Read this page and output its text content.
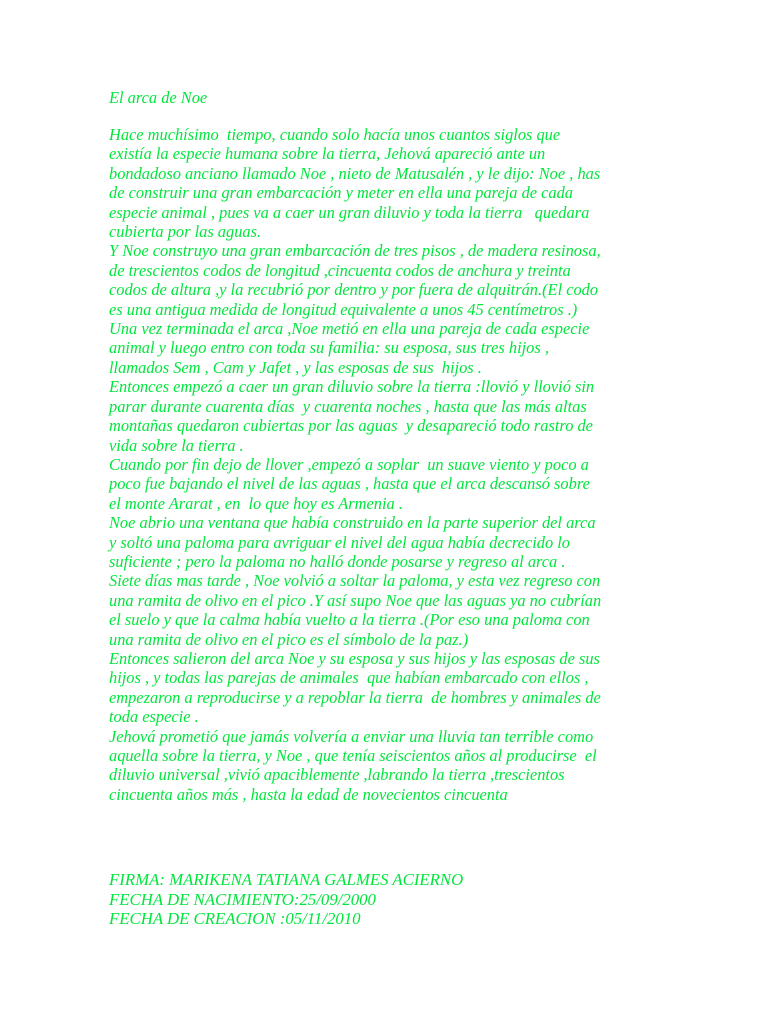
El arca de Noe
Hace muchísimo  tiempo, cuando solo hacía unos cuantos siglos que
existía la especie humana sobre la tierra, Jehová apareció ante un
bondadoso anciano llamado Noe , nieto de Matusalén , y le dijo: Noe , has
de construir una gran embarcación y meter en ella una pareja de cada
especie animal , pues va a caer un gran diluvio y toda la tierra   quedara
cubierta por las aguas.
Y Noe construyo una gran embarcación de tres pisos , de madera resinosa,
de trescientos codos de longitud ,cincuenta codos de anchura y treinta
codos de altura ,y la recubrió por dentro y por fuera de alquitrán.(El codo
es una antigua medida de longitud equivalente a unos 45 centímetros .)
Una vez terminada el arca ,Noe metió en ella una pareja de cada especie
animal y luego entro con toda su familia: su esposa, sus tres hijos ,
llamados Sem , Cam y Jafet , y las esposas de sus  hijos .
Entonces empezó a caer un gran diluvio sobre la tierra :llovió y llovió sin
parar durante cuarenta días  y cuarenta noches , hasta que las más altas
montañas quedaron cubiertas por las aguas  y desapareció todo rastro de
vida sobre la tierra .
Cuando por fin dejo de llover ,empezó a soplar  un suave viento y poco a
poco fue bajando el nivel de las aguas , hasta que el arca descansó sobre
el monte Ararat , en  lo que hoy es Armenia .
Noe abrio una ventana que había construido en la parte superior del arca
y soltó una paloma para avriguar el nivel del agua había decrecido lo
suficiente ; pero la paloma no halló donde posarse y regreso al arca .
Siete días mas tarde , Noe volvió a soltar la paloma, y esta vez regreso con
una ramita de olivo en el pico .Y así supo Noe que las aguas ya no cubrían
el suelo y que la calma había vuelto a la tierra .(Por eso una paloma con
una ramita de olivo en el pico es el símbolo de la paz.)
Entonces salieron del arca Noe y su esposa y sus hijos y las esposas de sus
hijos , y todas las parejas de animales  que habían embarcado con ellos ,
empezaron a reproducirse y a repoblar la tierra  de hombres y animales de
toda especie .
Jehová prometió que jamás volvería a enviar una lluvia tan terrible como
aquella sobre la tierra, y Noe , que tenía seiscientos años al producirse  el
diluvio universal ,vivió apaciblemente ,labrando la tierra ,trescientos
cincuenta años más , hasta la edad de novecientos cincuenta
FIRMA: MARIKENA TATIANA GALMES ACIERNO
FECHA DE NACIMIENTO:25/09/2000
FECHA DE CREACION :05/11/2010
